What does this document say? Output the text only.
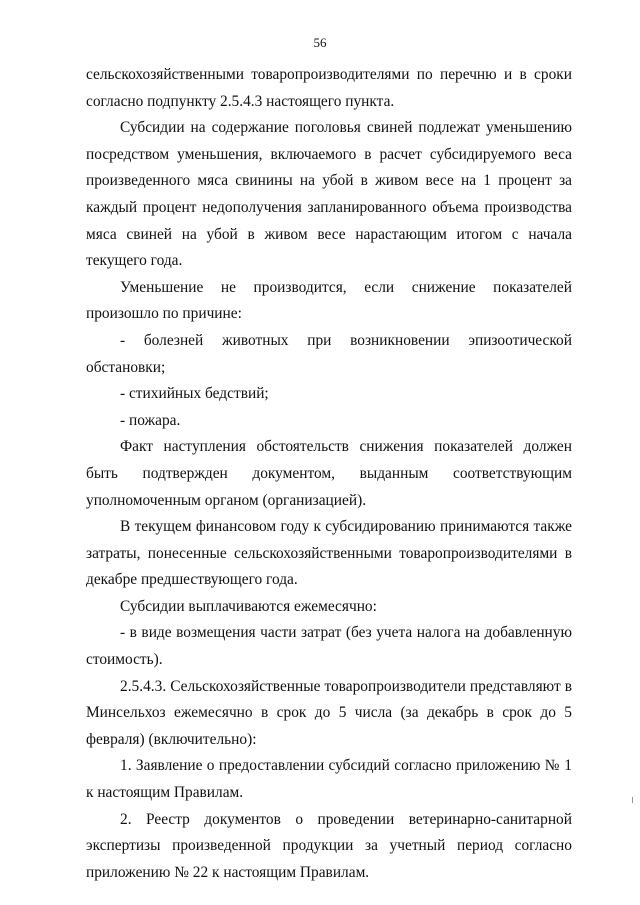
56

сельскохозяйственными товаропроизводителями по перечню и в сроки согласно подпункту 2.5.4.3 настоящего пункта.

Субсидии на содержание поголовья свиней подлежат уменьшению посредством уменьшения, включаемого в расчет субсидируемого веса произведенного мяса свинины на убой в живом весе на 1 процент за каждый процент недополучения запланированного объема производства мяса свиней на убой в живом весе нарастающим итогом с начала текущего года.

Уменьшение не производится, если снижение показателей произошло по причине:

- болезней животных при возникновении эпизоотической обстановки;

- стихийных бедствий;

- пожара.

Факт наступления обстоятельств снижения показателей должен быть подтвержден документом, выданным соответствующим уполномоченным органом (организацией).

В текущем финансовом году к субсидированию принимаются также затраты, понесенные сельскохозяйственными товаропроизводителями в декабре предшествующего года.

Субсидии выплачиваются ежемесячно:

- в виде возмещения части затрат (без учета налога на добавленную стоимость).

2.5.4.3. Сельскохозяйственные товаропроизводители представляют в Минсельхоз ежемесячно в срок до 5 числа (за декабрь в срок до 5 февраля) (включительно):

1. Заявление о предоставлении субсидий согласно приложению № 1 к настоящим Правилам.

2. Реестр документов о проведении ветеринарно-санитарной экспертизы произведенной продукции за учетный период согласно приложению № 22 к настоящим Правилам.
